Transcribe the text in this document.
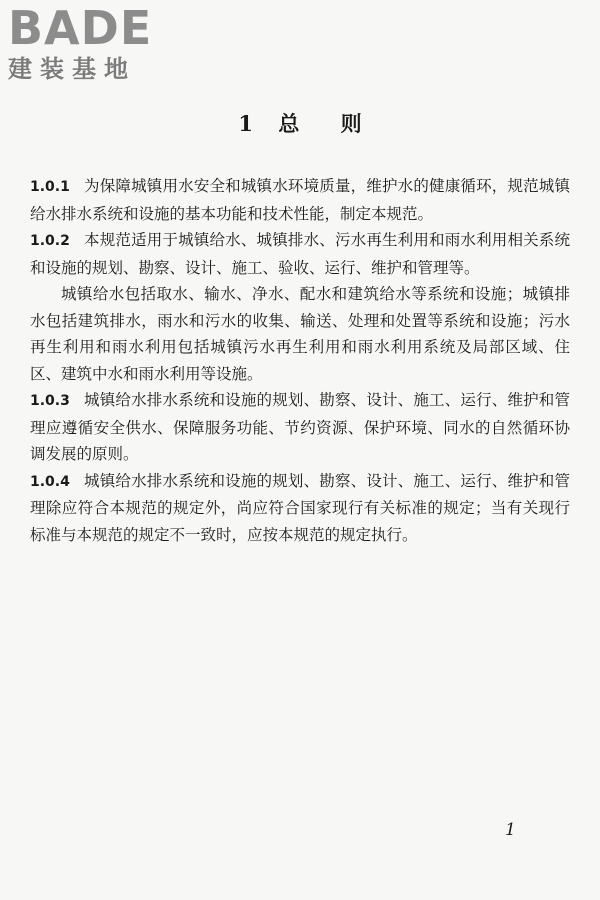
BADE
建装基地
1 总 则

1.0.1 为保障城镇用水安全和城镇水环境质量，维护水的健康循环，规范城镇给水排水系统和设施的基本功能和技术性能，制定本规范。

1.0.2 本规范适用于城镇给水、城镇排水、污水再生利用和雨水利用相关系统和设施的规划、勘察、设计、施工、验收、运行、维护和管理等。

城镇给水包括取水、输水、净水、配水和建筑给水等系统和设施；城镇排水包括建筑排水，雨水和污水的收集、输送、处理和处置等系统和设施；污水再生利用和雨水利用包括城镇污水再生利用和雨水利用系统及局部区域、住区、建筑中水和雨水利用等设施。

1.0.3 城镇给水排水系统和设施的规划、勘察、设计、施工、运行、维护和管理应遵循安全供水、保障服务功能、节约资源、保护环境、同水的自然循环协调发展的原则。

1.0.4 城镇给水排水系统和设施的规划、勘察、设计、施工、运行、维护和管理除应符合本规范的规定外，尚应符合国家现行有关标准的规定；当有关现行标准与本规范的规定不一致时，应按本规范的规定执行。

1
